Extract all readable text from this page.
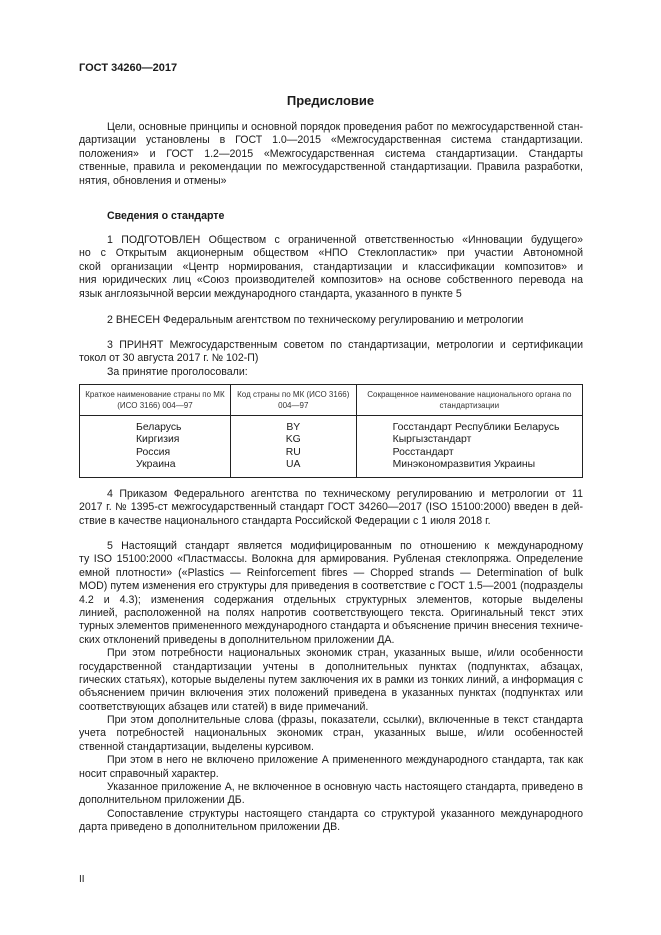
ГОСТ 34260—2017
Предисловие
Цели, основные принципы и основной порядок проведения работ по межгосударственной стан-
дартизации установлены в ГОСТ 1.0—2015 «Межгосударственная система стандартизации.
положения» и ГОСТ 1.2—2015 «Межгосударственная система стандартизации. Стандарты
ственные, правила и рекомендации по межгосударственной стандартизации. Правила разработки,
нятия, обновления и отмены»
Сведения о стандарте
1 ПОДГОТОВЛЕН Обществом с ограниченной ответственностью «Инновации будущего»
но с Открытым акционерным обществом «НПО Стеклопластик» при участии Автономной
ской организации «Центр нормирования, стандартизации и классификации композитов» и
ния юридических лиц «Союз производителей композитов» на основе собственного перевода на
язык англоязычной версии международного стандарта, указанного в пункте 5
2 ВНЕСЕН Федеральным агентством по техническому регулированию и метрологии
3 ПРИНЯТ Межгосударственным советом по стандартизации, метрологии и сертификации
токол от 30 августа 2017 г. № 102-П)
За принятие проголосовали:
Краткое наименование страны по МК (ИСО 3166) 004—97	Код страны по МК (ИСО 3166) 004—97	Сокращенное наименование национального органа по стандартизации
Беларусь	BY	Госстандарт Республики Беларусь
Киргизия	KG	Кыргызстандарт
Россия	RU	Росстандарт
Украина	UA	Минэкономразвития Украины
4 Приказом Федерального агентства по техническому регулированию и метрологии от 11
2017 г. № 1395-ст межгосударственный стандарт ГОСТ 34260—2017 (ISO 15100:2000) введен в дей-
ствие в качестве национального стандарта Российской Федерации с 1 июля 2018 г.
5 Настоящий стандарт является модифицированным по отношению к международному
ту ISO 15100:2000 «Пластмассы. Волокна для армирования. Рубленая стеклопряжа. Определение
емной плотности» («Plastics — Reinforcement fibres — Chopped strands — Determination of bulk
MOD) путем изменения его структуры для приведения в соответствие с ГОСТ 1.5—2001 (подразделы
4.2 и 4.3); изменения содержания отдельных структурных элементов, которые выделены
линией, расположенной на полях напротив соответствующего текста. Оригинальный текст этих
турных элементов примененного международного стандарта и объяснение причин внесения техниче-
ских отклонений приведены в дополнительном приложении ДА.
При этом потребности национальных экономик стран, указанных выше, и/или особенности
государственной стандартизации учтены в дополнительных пунктах (подпунктах, абзацах,
гических статьях), которые выделены путем заключения их в рамки из тонких линий, а информация с
объяснением причин включения этих положений приведена в указанных пунктах (подпунктах или
соответствующих абзацев или статей) в виде примечаний.
При этом дополнительные слова (фразы, показатели, ссылки), включенные в текст стандарта
учета потребностей национальных экономик стран, указанных выше, и/или особенностей
ственной стандартизации, выделены курсивом.
При этом в него не включено приложение А примененного международного стандарта, так как
носит справочный характер.
Указанное приложение А, не включенное в основную часть настоящего стандарта, приведено в
дополнительном приложении ДБ.
Сопоставление структуры настоящего стандарта со структурой указанного международного
дарта приведено в дополнительном приложении ДВ.
II
